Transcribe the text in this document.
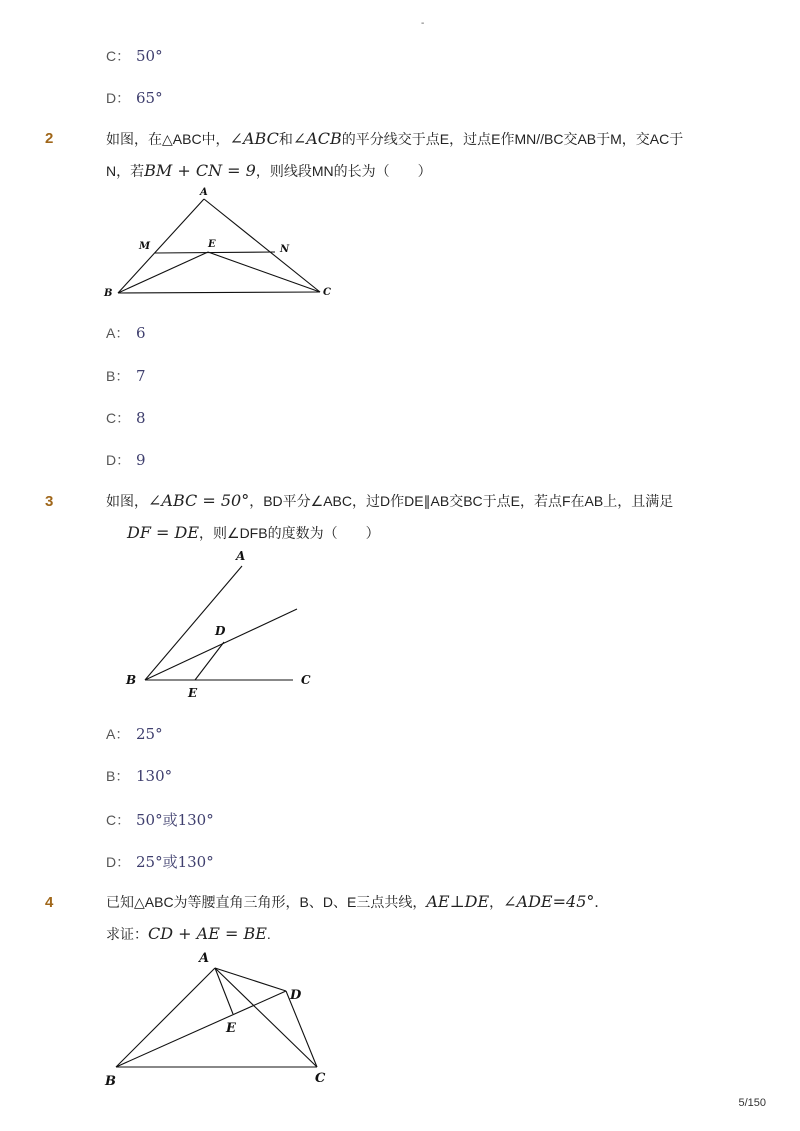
-
C： 50°
D： 65°
2	如图，在△ABC中，∠ABC和∠ACB的平分线交于点E，过点E作MN//BC交AB于M，交AC于
N，若BM + CN = 9，则线段MN的长为（　　）
A
M	E	N
B	C
A： 6
B： 7
C： 8
D： 9
3	如图，∠ABC = 50°，BD平分∠ABC，过D作DE∥AB交BC于点E，若点F在AB上，且满足
DF = DE，则∠DFB的度数为（　　）
A
D
B
E
C
A： 25°
B： 130°
C： 50°或130°
D： 25°或130°
4	已知△ABC为等腰直角三角形，B、D、E三点共线，AE⊥DE，∠ADE=45°．
求证：CD + AE = BE.
A
D
E
B	C
5/150
